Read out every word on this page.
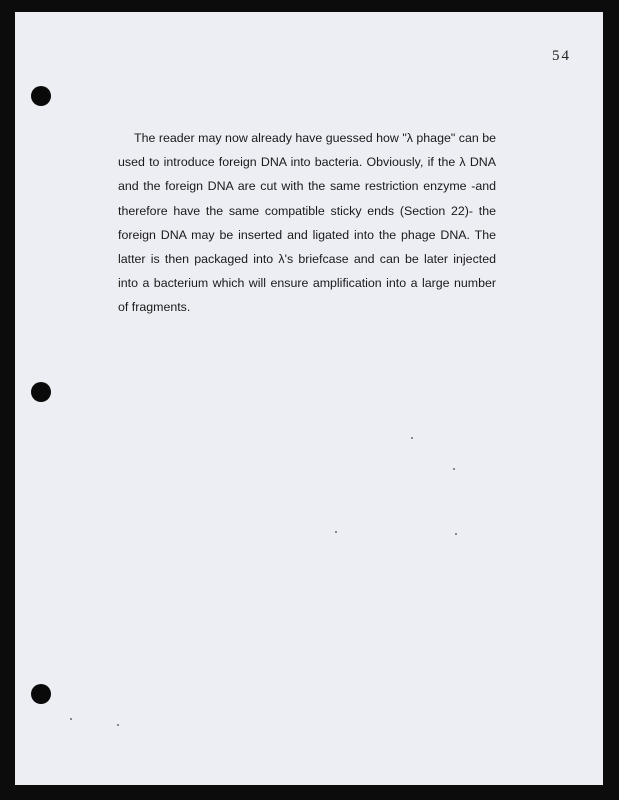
54

The reader may now already have guessed how "λ phage" can be used to introduce foreign DNA into bacteria. Obviously, if the λ DNA and the foreign DNA are cut with the same restriction enzyme -and therefore have the same compatible sticky ends (Section 22)- the foreign DNA may be inserted and ligated into the phage DNA. The latter is then packaged into λ's briefcase and can be later injected into a bacterium which will ensure amplification into a large number of fragments.
